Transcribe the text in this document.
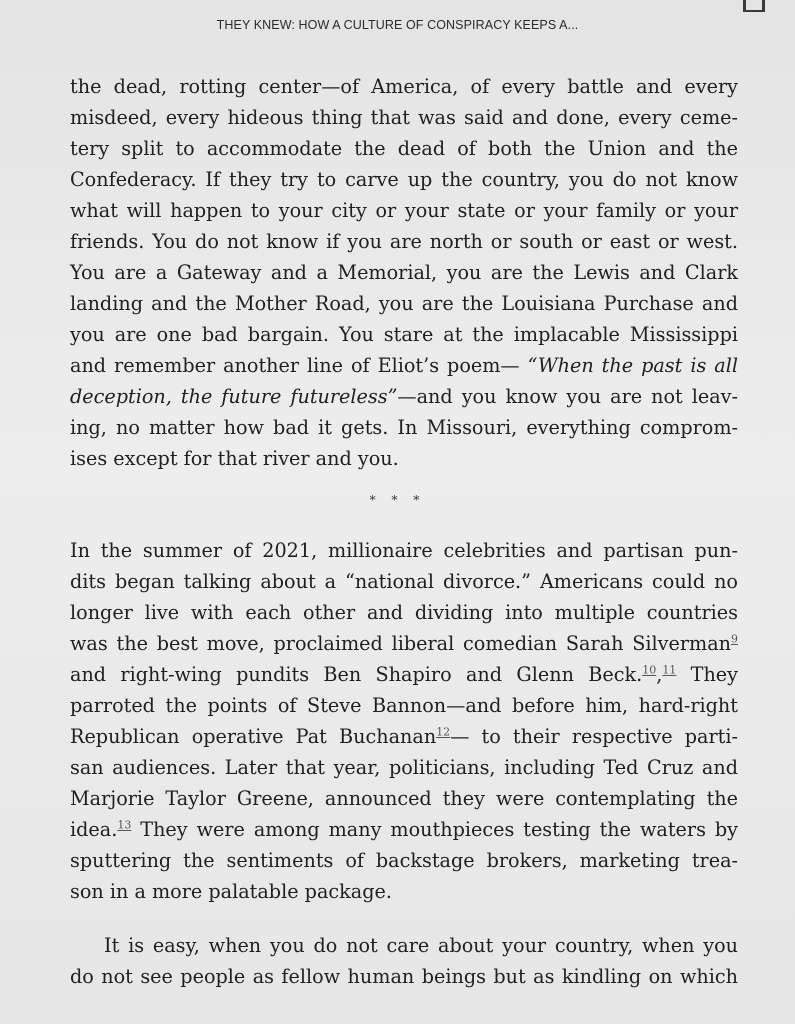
THEY KNEW: HOW A CULTURE OF CONSPIRACY KEEPS A...
the dead, rotting center—of America, of every battle and every
misdeed, every hideous thing that was said and done, every ceme-
tery split to accommodate the dead of both the Union and the
Confederacy. If they try to carve up the country, you do not know
what will happen to your city or your state or your family or your
friends. You do not know if you are north or south or east or west.
You are a Gateway and a Memorial, you are the Lewis and Clark
landing and the Mother Road, you are the Louisiana Purchase and
you are one bad bargain. You stare at the implacable Mississippi
and remember another line of Eliot’s poem— “When the past is all
deception, the future futureless”—and you know you are not leav-
ing, no matter how bad it gets. In Missouri, everything comprom-
ises except for that river and you.
* * *
In the summer of 2021, millionaire celebrities and partisan pun-
dits began talking about a “national divorce.” Americans could no
longer live with each other and dividing into multiple countries
was the best move, proclaimed liberal comedian Sarah Silverman$^9$
and right-wing pundits Ben Shapiro and Glenn Beck.$^{10}$,$^{11}$ They
parroted the points of Steve Bannon—and before him, hard-right
Republican operative Pat Buchanan$^{12}$— to their respective parti-
san audiences. Later that year, politicians, including Ted Cruz and
Marjorie Taylor Greene, announced they were contemplating the
idea.$^{13}$ They were among many mouthpieces testing the waters by
sputtering the sentiments of backstage brokers, marketing trea-
son in a more palatable package.
It is easy, when you do not care about your country, when you
do not see people as fellow human beings but as kindling on which
